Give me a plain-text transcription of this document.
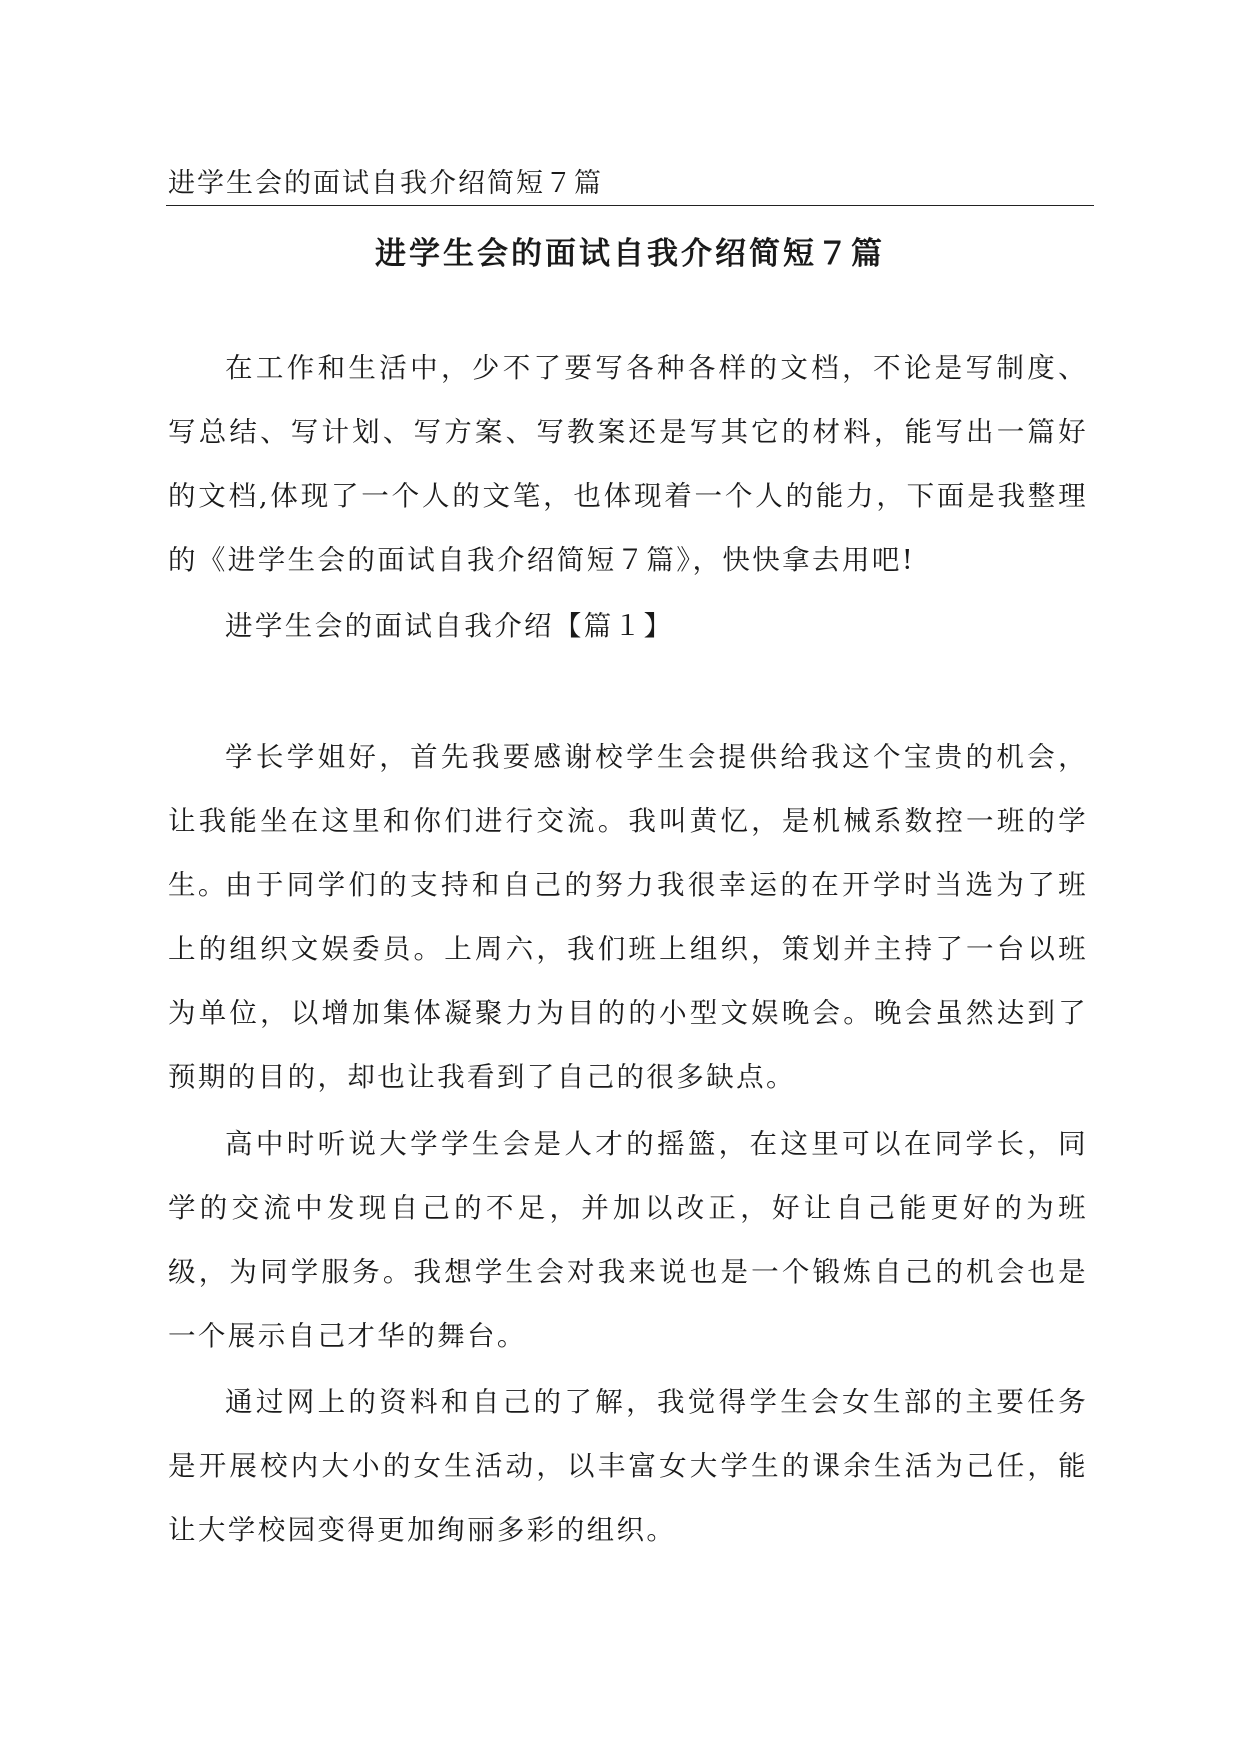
进学生会的面试自我介绍简短７篇
进学生会的面试自我介绍简短７篇

在工作和生活中，少不了要写各种各样的文档，不论是写制度、写总结、写计划、写方案、写教案还是写其它的材料，能写出一篇好的文档,体现了一个人的文笔，也体现着一个人的能力，下面是我整理的《进学生会的面试自我介绍简短７篇》，快快拿去用吧!

进学生会的面试自我介绍【篇１】

学长学姐好，首先我要感谢校学生会提供给我这个宝贵的机会，让我能坐在这里和你们进行交流。我叫黄忆，是机械系数控一班的学生。

由于同学们的支持和自己的努力我很幸运的在开学时当选为了班上的组织文娱委员。上周六，我们班上组织，策划并主持了一台以班为单位，以增加集体凝聚力为目的的小型文娱晚会。晚会虽然达到了预期的目的，却也让我看到了自己的很多缺点。

高中时听说大学学生会是人才的摇篮，在这里可以在同学长，同学的交流中发现自己的不足，并加以改正，好让自己能更好的为班级，为同学服务。我想学生会对我来说也是一个锻炼自己的机会也是一个展示自己才华的舞台。

通过网上的资料和自己的了解，我觉得学生会女生部的主要任务是开展校内大小的女生活动，以丰富女大学生的课余生活为己任，能让大学校园变得更加绚丽多彩的组织。
